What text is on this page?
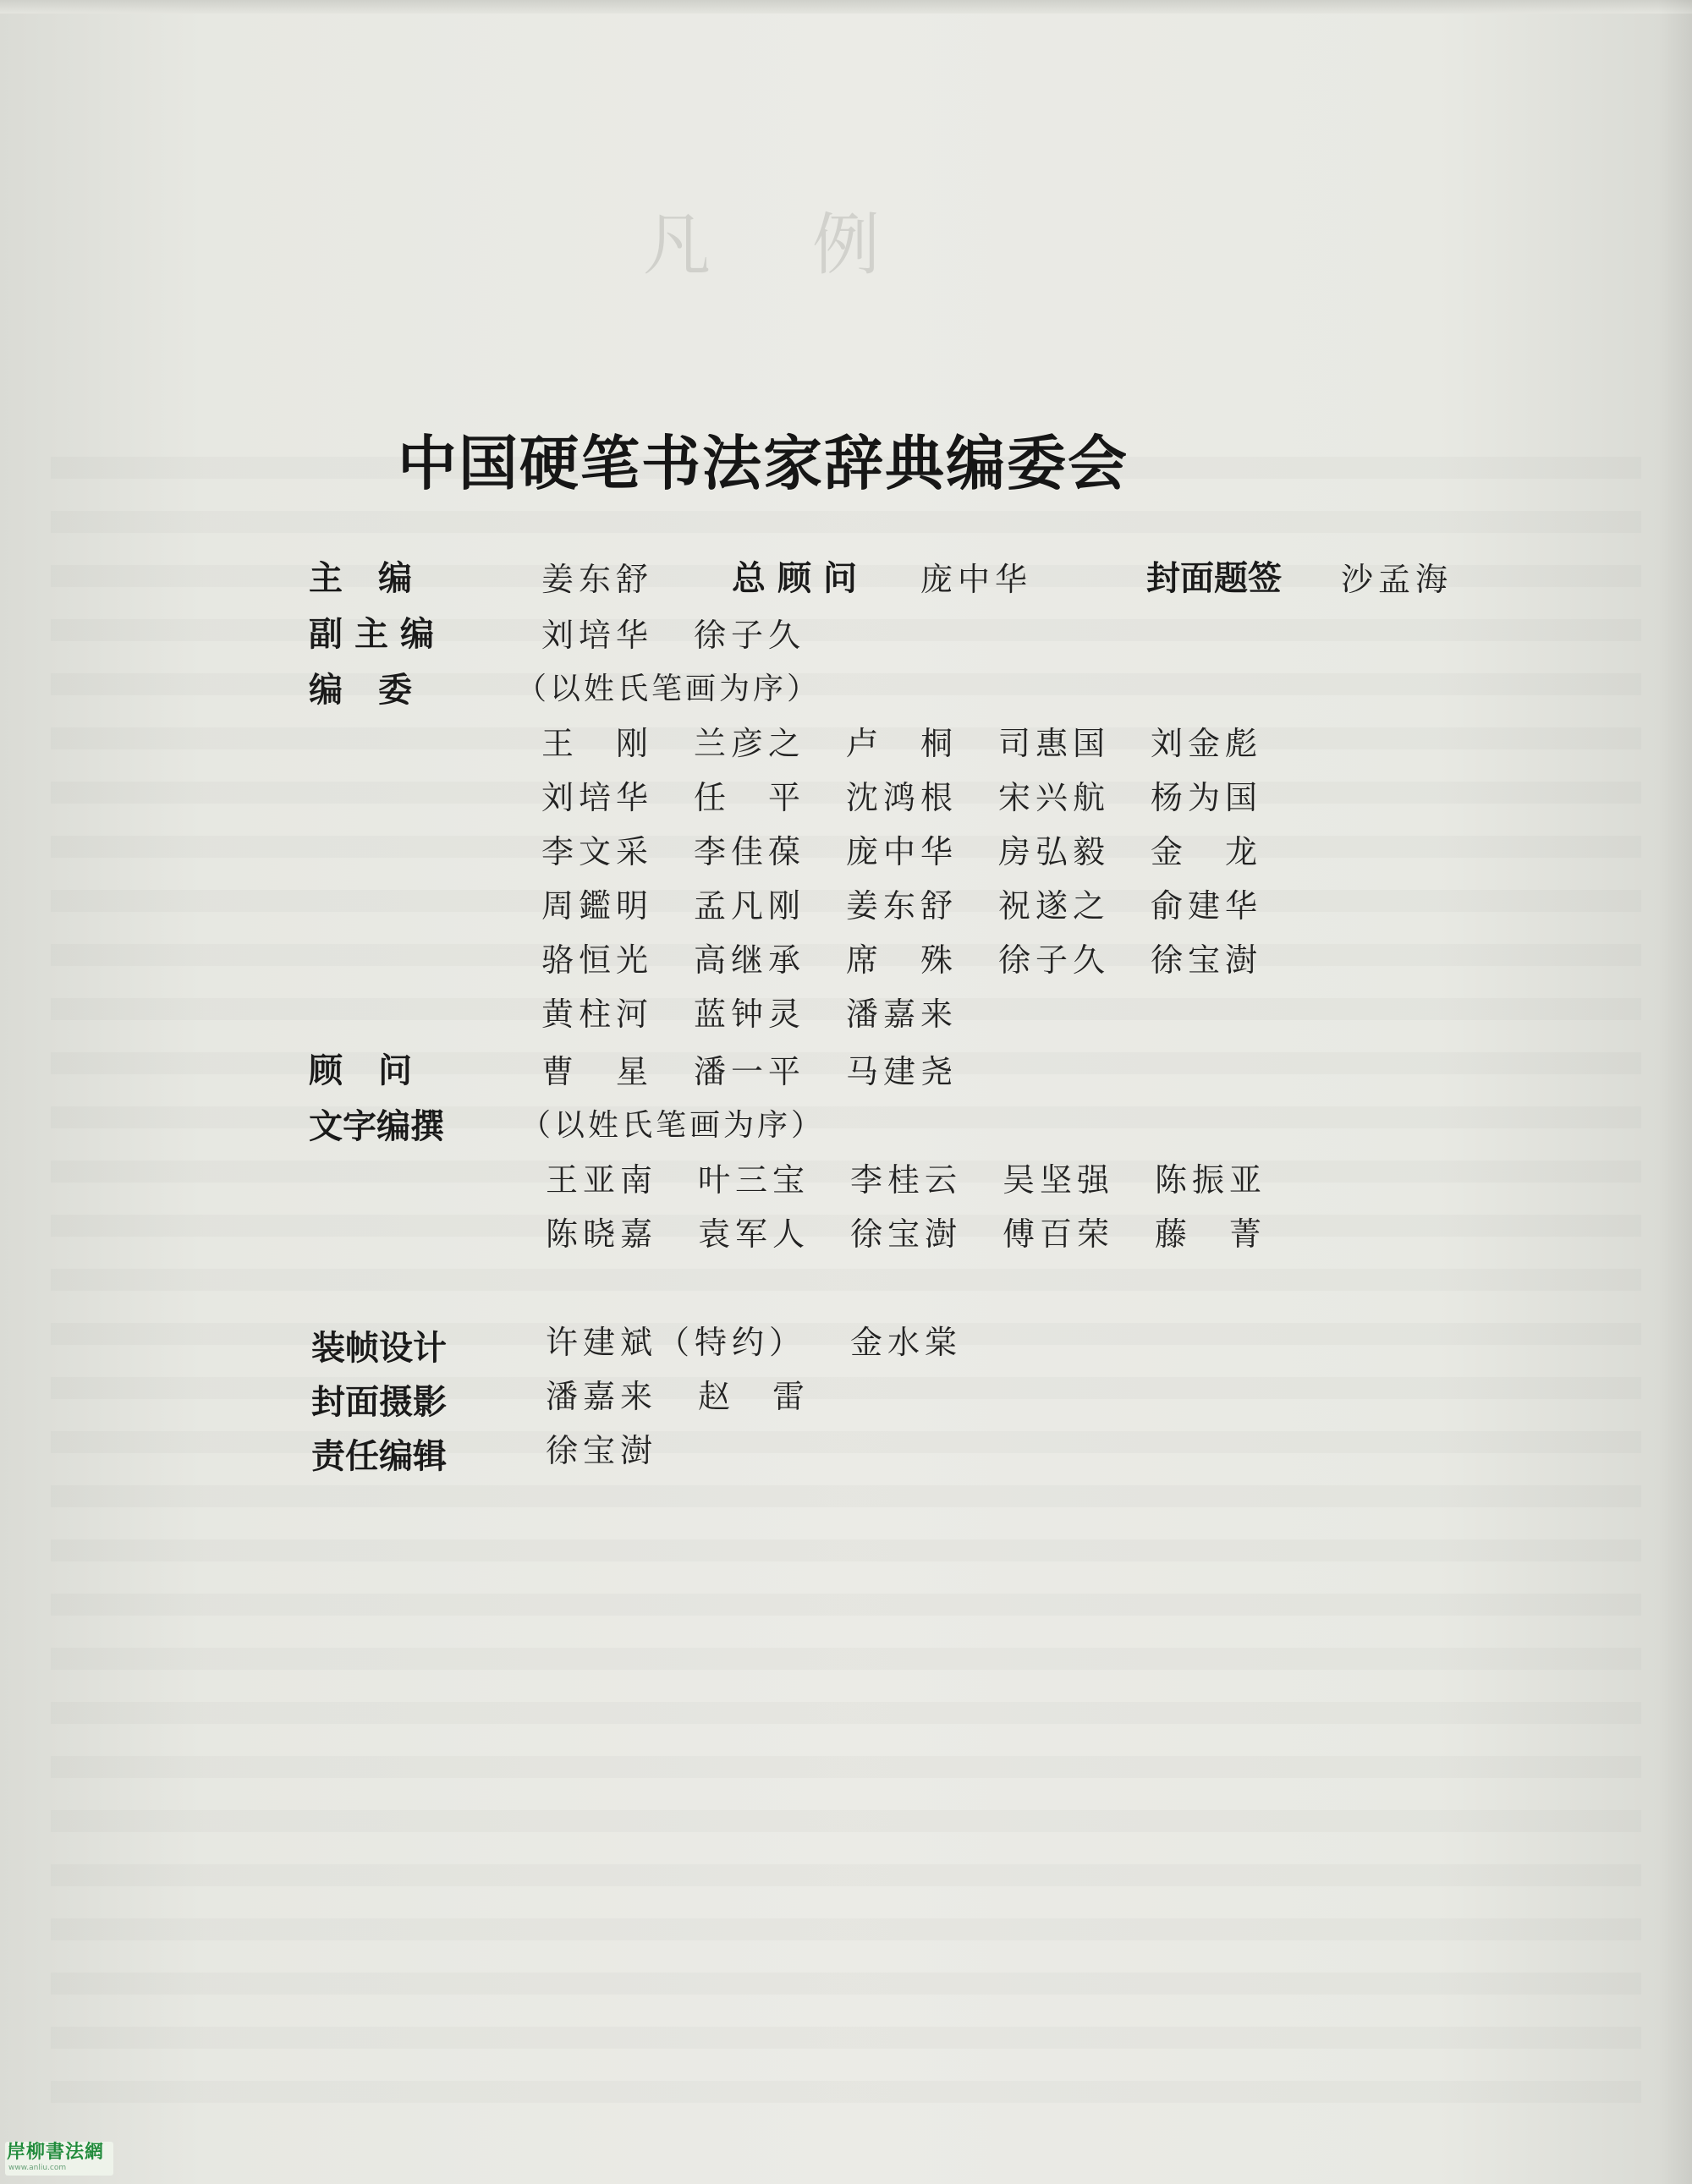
凡例
中国硬笔书法家辞典编委会
主编	姜东舒 总顾问 庞中华	封面题签 沙孟海
副主编	刘培华 徐子久
编委 （以姓氏笔画为序）
王　刚 兰彦之 卢　桐 司惠国 刘金彪
刘培华 任　平 沈鸿根 宋兴航 杨为国
李文采 李佳葆 庞中华 房弘毅 金　龙
周鑑明 孟凡刚 姜东舒 祝遂之 俞建华
骆恒光 高继承 席　殊 徐子久 徐宝澍
黄柱河 蓝钟灵 潘嘉来
顾问	曹　星 潘一平 马建尧
文字编撰	（以姓氏笔画为序）
王亚南 叶三宝 李桂云 吴坚强 陈振亚
陈晓嘉 袁军人 徐宝澍 傅百荣 藤　菁
装帧设计	许建斌（特约） 金水棠
封面摄影	潘嘉来 赵　雷
责任编辑	徐宝澍
岸柳書法網
www.anliu.com
